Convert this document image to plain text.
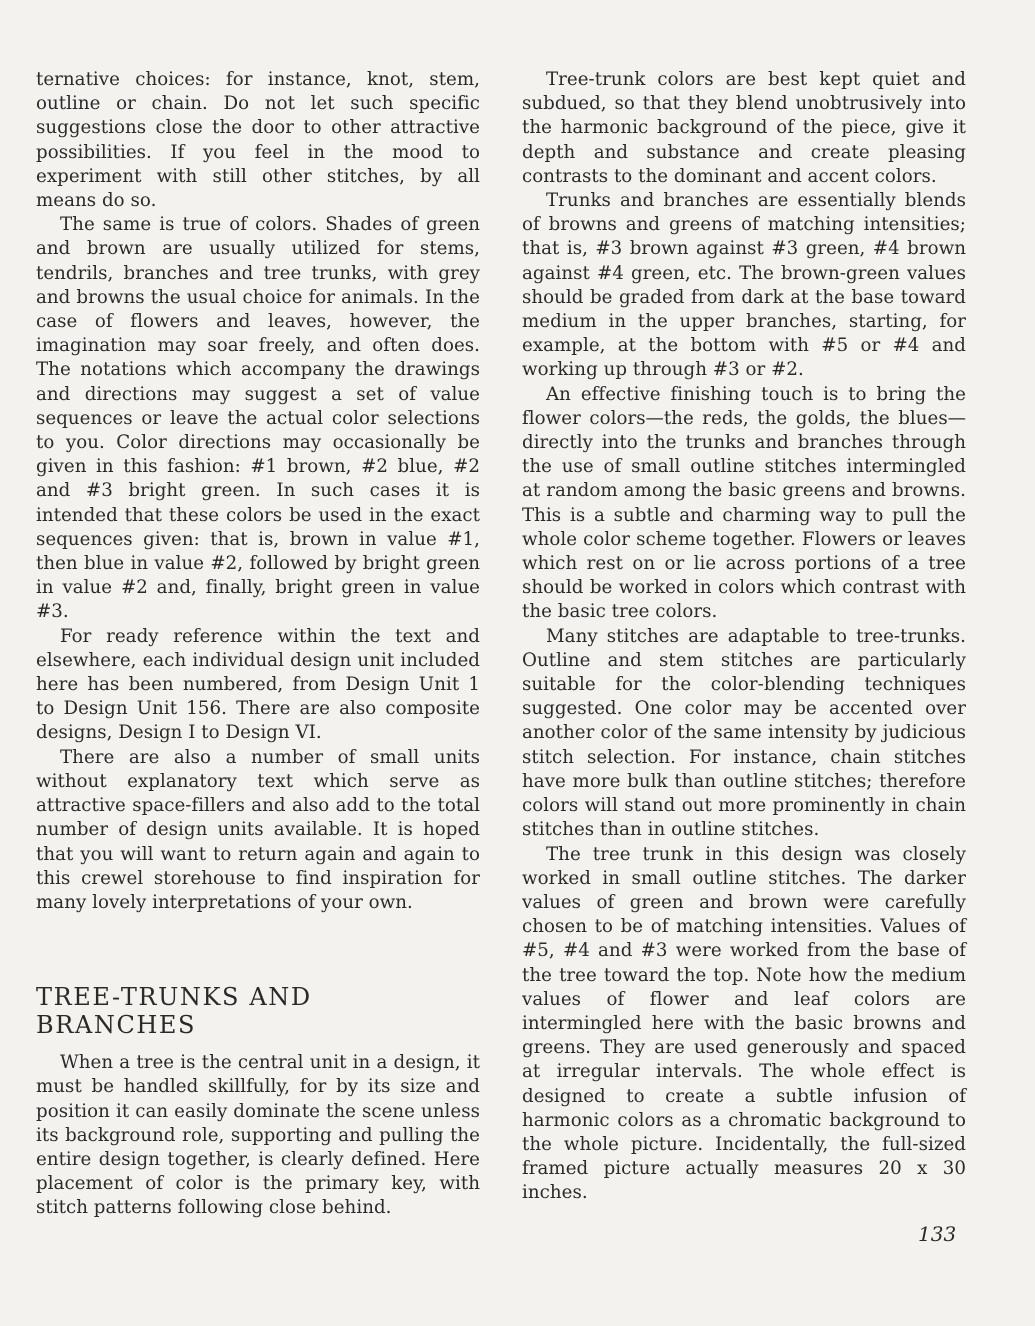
ternative choices: for instance, knot, stem, outline or chain. Do not let such specific suggestions close the door to other attractive possibilities. If you feel in the mood to experiment with still other stitches, by all means do so.

The same is true of colors. Shades of green and brown are usually utilized for stems, tendrils, branches and tree trunks, with grey and browns the usual choice for animals. In the case of flowers and leaves, however, the imagination may soar freely, and often does. The notations which accompany the drawings and directions may suggest a set of value sequences or leave the actual color selections to you. Color directions may occasionally be given in this fashion: #1 brown, #2 blue, #2 and #3 bright green. In such cases it is intended that these colors be used in the exact sequences given: that is, brown in value #1, then blue in value #2, followed by bright green in value #2 and, finally, bright green in value #3.

For ready reference within the text and elsewhere, each individual design unit included here has been numbered, from Design Unit 1 to Design Unit 156. There are also composite designs, Design I to Design VI.

There are also a number of small units without explanatory text which serve as attractive space-fillers and also add to the total number of design units available. It is hoped that you will want to return again and again to this crewel storehouse to find inspiration for many lovely interpretations of your own.

TREE-TRUNKS AND BRANCHES

When a tree is the central unit in a design, it must be handled skillfully, for by its size and position it can easily dominate the scene unless its background role, supporting and pulling the entire design together, is clearly defined. Here placement of color is the primary key, with stitch patterns following close behind.

Tree-trunk colors are best kept quiet and subdued, so that they blend unobtrusively into the harmonic background of the piece, give it depth and substance and create pleasing contrasts to the dominant and accent colors.

Trunks and branches are essentially blends of browns and greens of matching intensities; that is, #3 brown against #3 green, #4 brown against #4 green, etc. The brown-green values should be graded from dark at the base toward medium in the upper branches, starting, for example, at the bottom with #5 or #4 and working up through #3 or #2.

An effective finishing touch is to bring the flower colors—the reds, the golds, the blues—directly into the trunks and branches through the use of small outline stitches intermingled at random among the basic greens and browns. This is a subtle and charming way to pull the whole color scheme together. Flowers or leaves which rest on or lie across portions of a tree should be worked in colors which contrast with the basic tree colors.

Many stitches are adaptable to tree-trunks. Outline and stem stitches are particularly suitable for the color-blending techniques suggested. One color may be accented over another color of the same intensity by judicious stitch selection. For instance, chain stitches have more bulk than outline stitches; therefore colors will stand out more prominently in chain stitches than in outline stitches.

The tree trunk in this design was closely worked in small outline stitches. The darker values of green and brown were carefully chosen to be of matching intensities. Values of #5, #4 and #3 were worked from the base of the tree toward the top. Note how the medium values of flower and leaf colors are intermingled here with the basic browns and greens. They are used generously and spaced at irregular intervals. The whole effect is designed to create a subtle infusion of harmonic colors as a chromatic background to the whole picture. Incidentally, the full-sized framed picture actually measures 20 x 30 inches.

133
